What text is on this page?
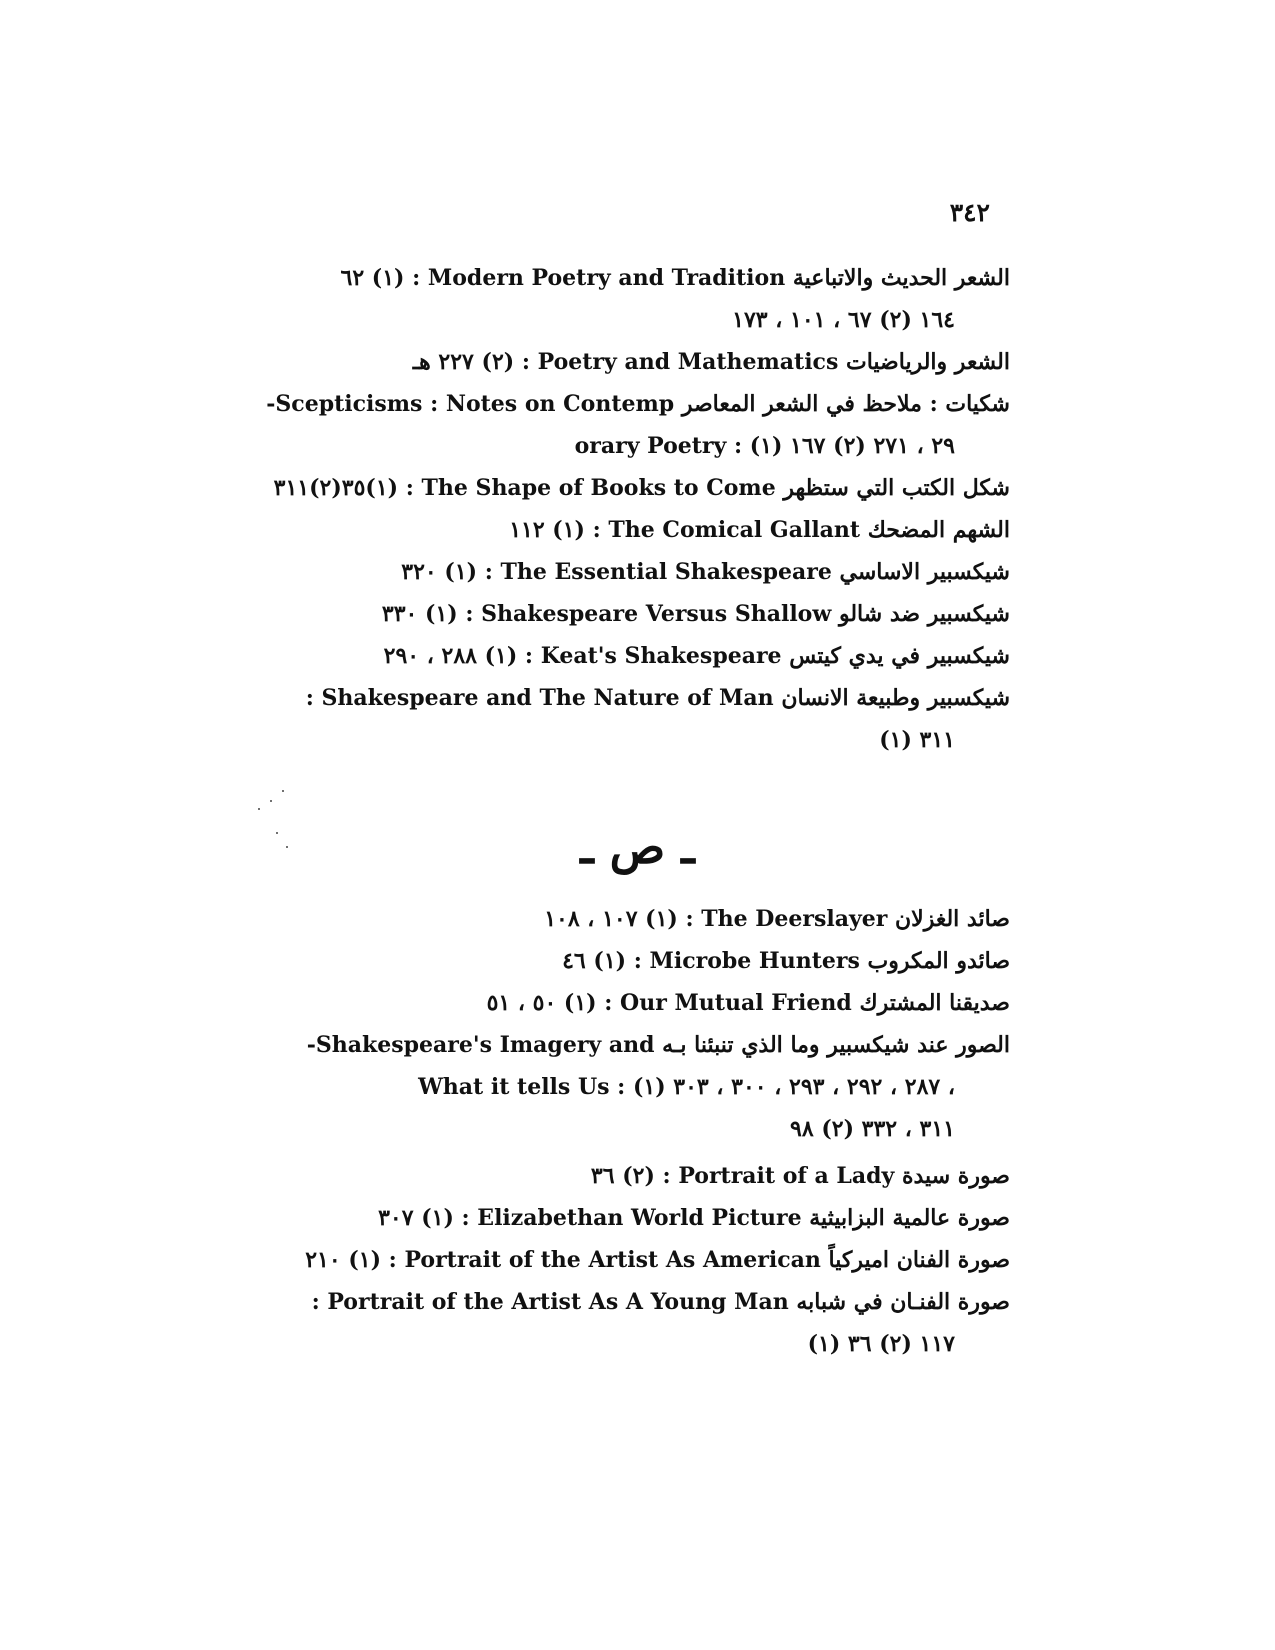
٣٤٢
الشعر الحديث والاتباعية Modern Poetry and Tradition : (١) ٦٢
١٦٤ (٢) ٦٧ ، ١٠١ ، ١٧٣
الشعر والرياضيات Poetry and Mathematics : (٢) ٢٢٧ هـ
شكيات : ملاحظ في الشعر المعاصر Scepticisms : Notes on Contemp-
orary Poetry : (١) ٢٩ ، ٢٧١ (٢) ١٦٧
شكل الكتب التي ستظهر The Shape of Books to Come : (١)٣٥(٢)٣١١
الشهم المضحك The Comical Gallant : (١) ١١٢
شيكسبير الاساسي The Essential Shakespeare : (١) ٣٢٠
شيكسبير ضد شالو Shakespeare Versus Shallow : (١) ٣٣٠
شيكسبير في يدي كيتس Keat's Shakespeare : (١) ٢٨٨ ، ٢٩٠
شيكسبير وطبيعة الانسان Shakespeare and The Nature of Man :
(١) ٣١١
ـ ص ـ
صائد الغزلان The Deerslayer : (١) ١٠٧ ، ١٠٨
صائدو المكروب Microbe Hunters : (١) ٤٦
صديقنا المشترك Our Mutual Friend : (١) ٥٠ ، ٥١
الصور عند شيكسبير وما الذي تنبئنا بـه Shakespeare's Imagery and-
What it tells Us : (١) ٢٨٧ ، ٢٩٢ ، ٢٩٣ ، ٣٠٠ ، ٣٠٣ ،
٣١١ ، ٣٣٢ (٢) ٩٨
صورة سيدة Portrait of a Lady : (٢) ٣٦
صورة عالمية البزابيثية Elizabethan World Picture : (١) ٣٠٧
صورة الفنان اميركياً Portrait of the Artist As American : (١) ٢١٠
صورة الفنـان في شبابه Portrait of the Artist As A Young Man :
(١) ١١٧ (٢) ٣٦
